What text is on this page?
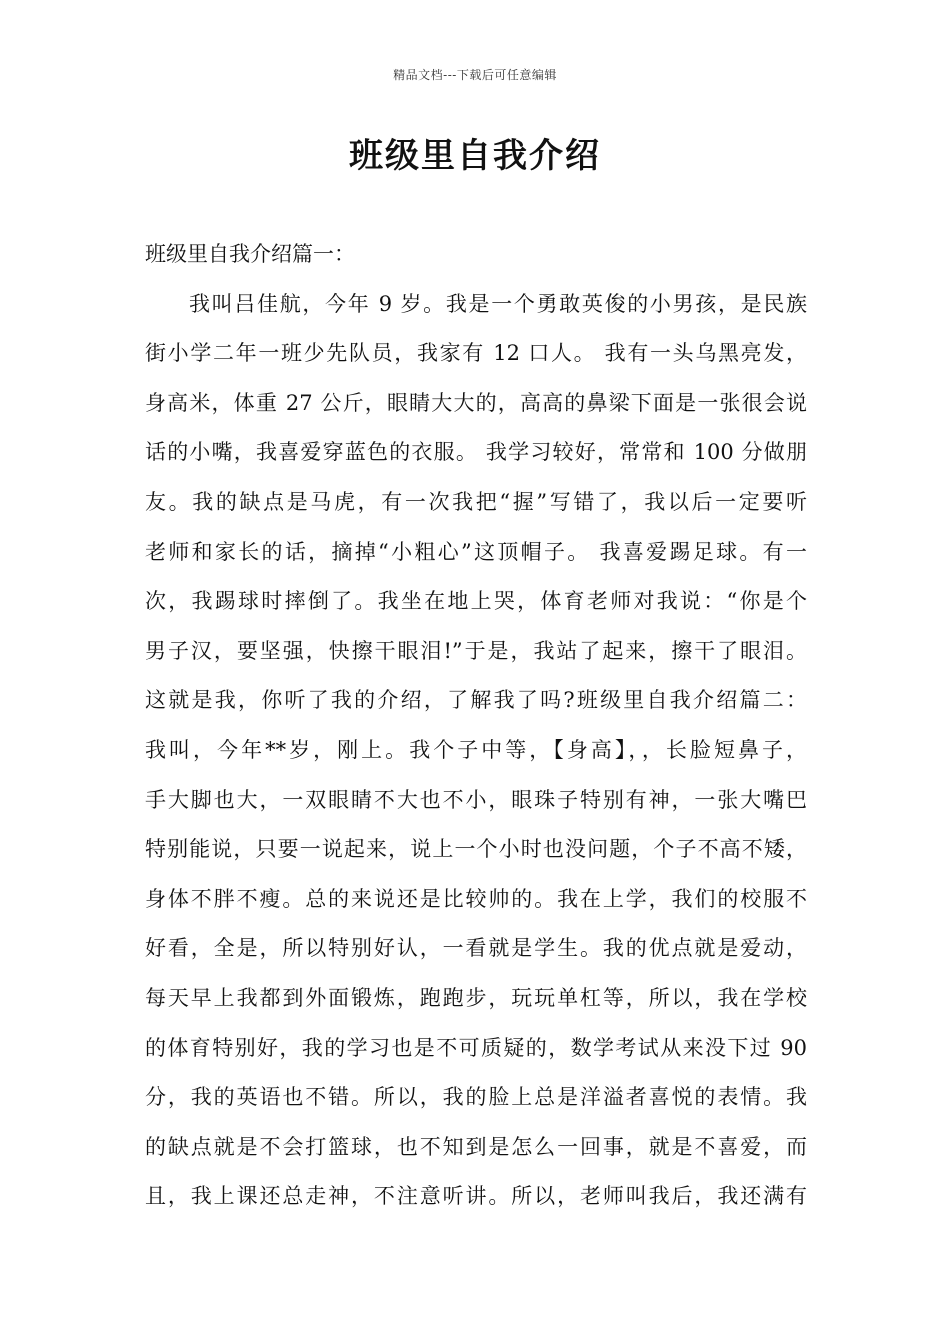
精品文档---下载后可任意编辑
班级里自我介绍
班级里自我介绍篇一：
我叫吕佳航，今年 9 岁。我是一个勇敢英俊的小男孩，是民族
街小学二年一班少先队员，我家有 12 口人。 我有一头乌黑亮发，
身高米，体重 27 公斤，眼睛大大的，高高的鼻梁下面是一张很会说
话的小嘴，我喜爱穿蓝色的衣服。 我学习较好，常常和 100 分做朋
友。我的缺点是马虎，有一次我把“握”写错了，我以后一定要听
老师和家长的话，摘掉“小粗心”这顶帽子。 我喜爱踢足球。有一
次，我踢球时摔倒了。我坐在地上哭，体育老师对我说：“你是个
男子汉，要坚强，快擦干眼泪!”于是，我站了起来，擦干了眼泪。
这就是我，你听了我的介绍，了解我了吗?班级里自我介绍篇二：
我叫，今年**岁，刚上。我个子中等，【身高】，，长脸短鼻子，
手大脚也大，一双眼睛不大也不小，眼珠子特别有神，一张大嘴巴
特别能说，只要一说起来，说上一个小时也没问题，个子不高不矮，
身体不胖不瘦。总的来说还是比较帅的。我在上学，我们的校服不
好看，全是，所以特别好认，一看就是学生。我的优点就是爱动，
每天早上我都到外面锻炼，跑跑步，玩玩单杠等，所以，我在学校
的体育特别好，我的学习也是不可质疑的，数学考试从来没下过 90
分，我的英语也不错。所以，我的脸上总是洋溢者喜悦的表情。我
的缺点就是不会打篮球，也不知到是怎么一回事，就是不喜爱，而
且，我上课还总走神，不注意听讲。所以，老师叫我后，我还满有
